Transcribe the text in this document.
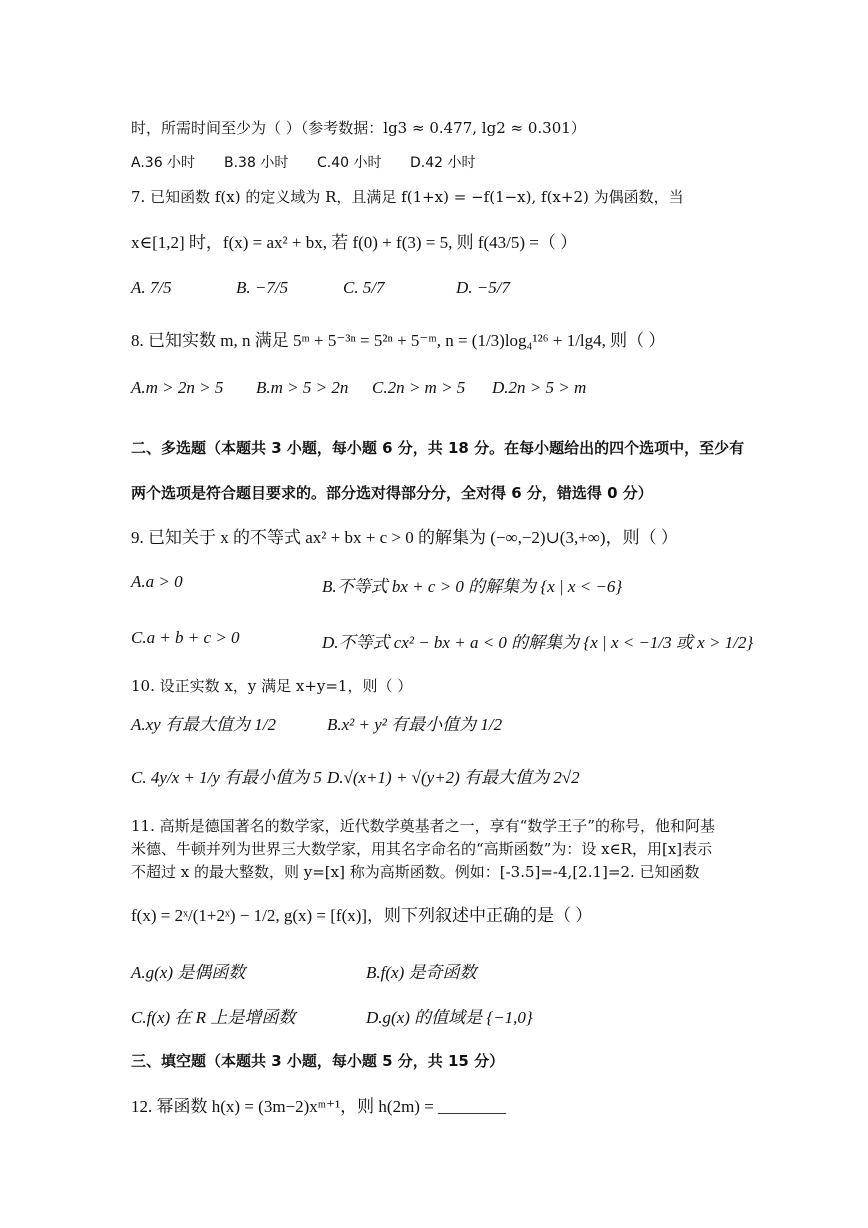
时，所需时间至少为（ ）（参考数据：lg3 ≈ 0.477, lg2 ≈ 0.301）
A.36 小时 B.38 小时 C.40 小时 D.42 小时
7. 已知函数 f(x) 的定义域为 R，且满足 f(1+x) = −f(1−x), f(x+2) 为偶函数，当
x∈[1,2] 时，f(x) = ax² + bx, 若 f(0) + f(3) = 5, 则 f(43/5) =（ ）
A. 7/5	B. −7/5	C. 5/7	D. −5/7
8. 已知实数 m, n 满足 5ᵐ + 5⁻³ⁿ = 5²ⁿ + 5⁻ᵐ, n = (1/3)log₄¹²⁶ + 1/lg4, 则（ ）
A.m > 2n > 5 B.m > 5 > 2n C.2n > m > 5 D.2n > 5 > m
二、多选题（本题共 3 小题，每小题 6 分，共 18 分。在每小题给出的四个选项中，至少有
两个选项是符合题目要求的。部分选对得部分分，全对得 6 分，错选得 0 分）
9. 已知关于 x 的不等式 ax² + bx + c > 0 的解集为 (−∞,−2)∪(3,+∞)，则（ ）
A.a > 0	B.不等式 bx + c > 0 的解集为 {x | x < −6}
C.a + b + c > 0	D.不等式 cx² − bx + a < 0 的解集为 {x | x < −1/3 或 x > 1/2}
10. 设正实数 x，y 满足 x+y=1，则（ ）
A.xy 有最大值为 1/2	B.x² + y² 有最小值为 1/2
C. 4y/x + 1/y 有最小值为 5 D.√(x+1) + √(y+2) 有最大值为 2√2
11. 高斯是德国著名的数学家，近代数学奠基者之一，享有“数学王子”的称号，他和阿基
米德、牛顿并列为世界三大数学家，用其名字命名的“高斯函数”为：设 x∈R，用[x]表示
不超过 x 的最大整数，则 y=[x] 称为高斯函数。例如：[-3.5]=-4,[2.1]=2. 已知函数
f(x) = 2ˣ/(1+2ˣ) − 1/2, g(x) = [f(x)]，则下列叙述中正确的是（ ）
A.g(x) 是偶函数	B.f(x) 是奇函数
C.f(x) 在 R 上是增函数	D.g(x) 的值域是 {−1,0}
三、填空题（本题共 3 小题，每小题 5 分，共 15 分）
12. 幂函数 h(x) = (3m−2)xᵐ⁺¹，则 h(2m) = ________
